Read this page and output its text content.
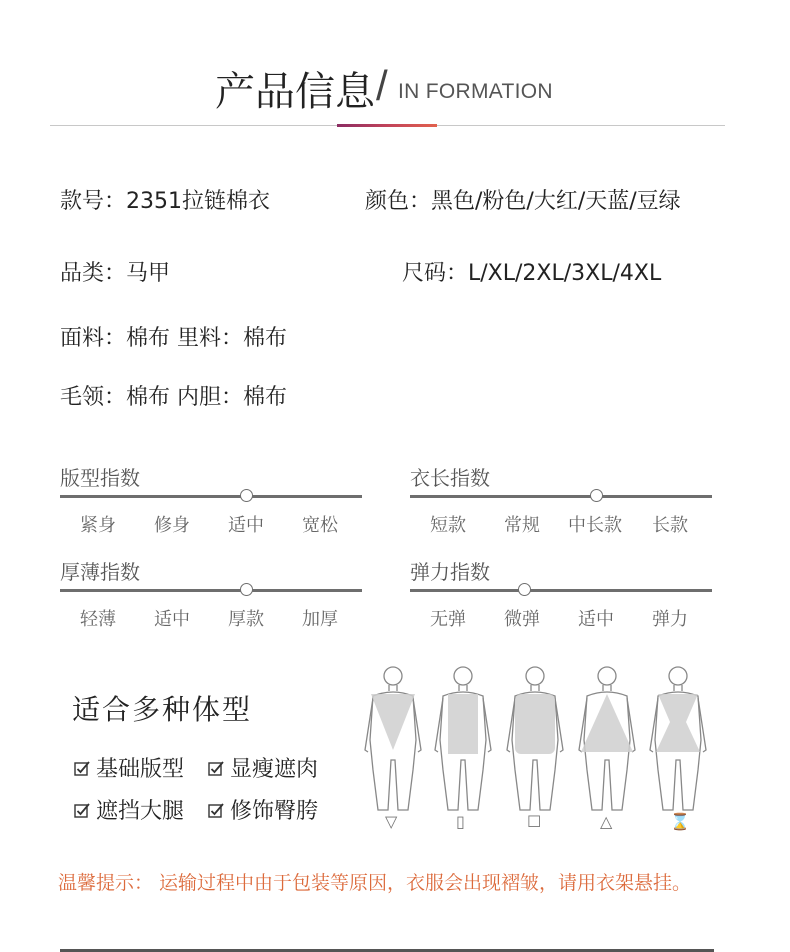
产品信息 / IN FORMATION
款号：2351拉链棉衣	颜色：黑色/粉色/大红/天蓝/豆绿
品类：马甲	尺码：L/XL/2XL/3XL/4XL
面料：棉布 里料：棉布
毛领：棉布 内胆：棉布
版型指数
紧身 修身 适中 宽松
衣长指数
短款 常规 中长款 长款
厚薄指数
轻薄 适中 厚款 加厚
弹力指数
无弹 微弹 适中 弹力
适合多种体型
基础版型 显瘦遮肉
遮挡大腿 修饰臀胯	▽	▯	☐	△	⌛
温馨提示： 运输过程中由于包装等原因，衣服会出现褶皱，请用衣架悬挂。
